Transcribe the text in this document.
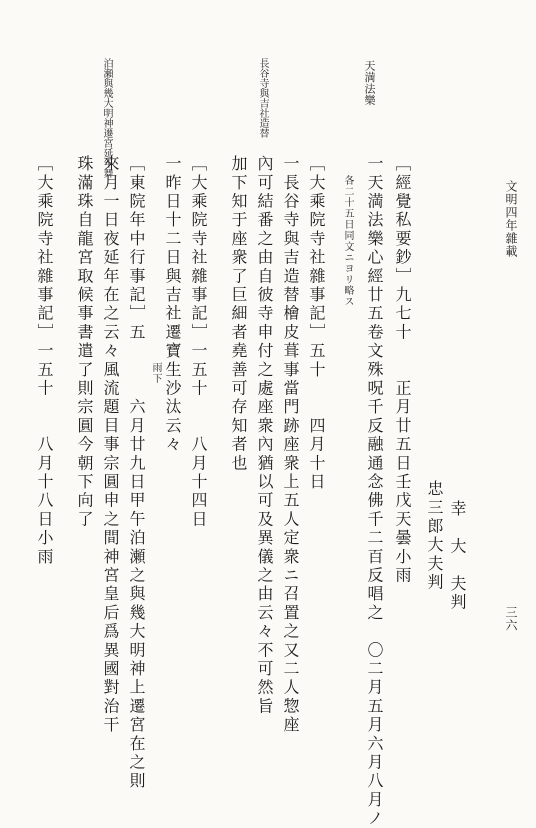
文明四年雜載
三六
天満法樂
長谷寺與吉社造替
泊瀬與幾大明神遷宮延年舞
幸　大　夫判
忠三郎大夫判
［經覺私要鈔］九七十　　正月廿五日壬戊天曇小雨
一天満法樂心經廿五卷文殊呪千反融通念佛千二百反唱之　〇二月五月六月八月ノ
各二十五日同文ニヨリ略ス
［大乘院寺社雜事記］五十　　四月十日
一長谷寺與吉造替檜皮葺事當門跡座衆上五人定衆ニ召置之又二人惣座
內可結番之由自彼寺申付之處座衆內猶以可及異儀之由云々不可然旨
加下知于座衆了巨細者堯善可存知者也
［大乘院寺社雜事記］一五十　　八月十四日
一昨日十二日與吉社遷寶生沙汰云々
雨下
［東院年中行事記］五　　　六月廿九日甲午泊瀬之與幾大明神上遷宮在之則
來月一日夜延年在之云々風流題目事宗圓申之間神宮皇后爲異國對治干
珠滿珠自龍宮取候事書遣了則宗圓今朝下向了
［大乘院寺社雜事記］一五十　　八月十八日小雨
